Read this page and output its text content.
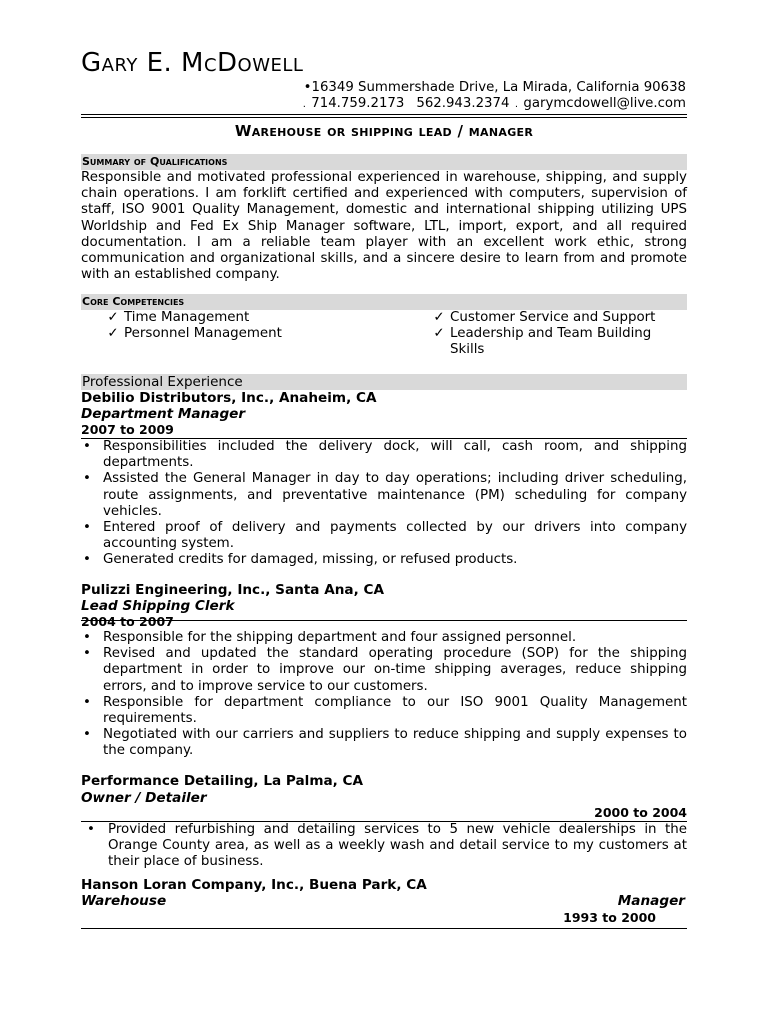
Gary E. McDowell
•16349 Summershade Drive, La Mirada, California 90638
. 714.759.2173 562.943.2374 . garymcdowell@live.com
Warehouse or shipping lead / manager
Summary of Qualifications
Responsible and motivated professional experienced in warehouse, shipping, and supply chain operations. I am forklift certified and experienced with computers, supervision of staff, ISO 9001 Quality Management, domestic and international shipping utilizing UPS Worldship and Fed Ex Ship Manager software, LTL, import, export, and all required documentation. I am a reliable team player with an excellent work ethic, strong communication and organizational skills, and a sincere desire to learn from and promote with an established company.
Core Competencies
✓ Time Management
✓ Personnel Management
✓ Customer Service and Support
✓ Leadership and Team Building Skills
Professional Experience
Debilio Distributors, Inc., Anaheim, CA
Department Manager
2007 to 2009
• Responsibilities included the delivery dock, will call, cash room, and shipping departments.
• Assisted the General Manager in day to day operations; including driver scheduling, route assignments, and preventative maintenance (PM) scheduling for company vehicles.
• Entered proof of delivery and payments collected by our drivers into company accounting system.
• Generated credits for damaged, missing, or refused products.
Pulizzi Engineering, Inc., Santa Ana, CA
Lead Shipping Clerk
2004 to 2007
• Responsible for the shipping department and four assigned personnel.
• Revised and updated the standard operating procedure (SOP) for the shipping department in order to improve our on-time shipping averages, reduce shipping errors, and to improve service to our customers.
• Responsible for department compliance to our ISO 9001 Quality Management requirements.
• Negotiated with our carriers and suppliers to reduce shipping and supply expenses to the company.
Performance Detailing, La Palma, CA
Owner / Detailer
2000 to 2004
• Provided refurbishing and detailing services to 5 new vehicle dealerships in the Orange County area, as well as a weekly wash and detail service to my customers at their place of business.
Hanson Loran Company, Inc., Buena Park, CA
Warehouse	Manager
1993 to 2000
